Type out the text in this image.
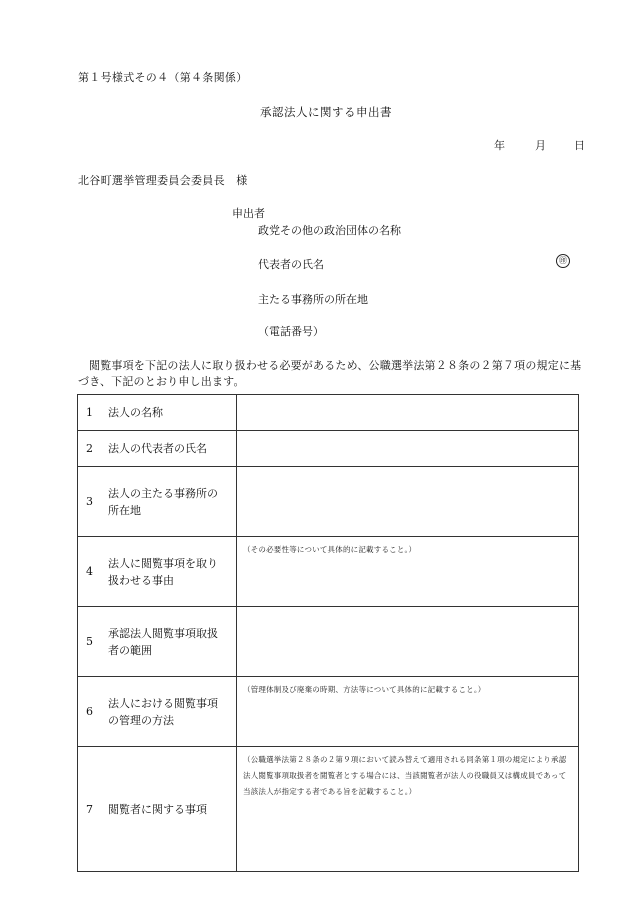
第１号様式その４（第４条関係）
承認法人に関する申出書
年	月	日
北谷町選挙管理委員会委員長　様
申出者
政党その他の政治団体の名称
代表者の氏名	㊞
主たる事務所の所在地
（電話番号）

閲覧事項を下記の法人に取り扱わせる必要があるため、公職選挙法第２８条の２第７項の規定に基づき、下記のとおり申し出ます。

1 法人の名称	

2 法人の代表者の氏名	

3
法人の主たる事務所の所在地	

4
法人に閲覧事項を取り扱わせる事由	（その必要性等について具体的に記載すること。）

5
承認法人閲覧事項取扱者の範囲	

6
法人における閲覧事項の管理の方法	（管理体制及び廃棄の時期、方法等について具体的に記載すること。）

7 閲覧者に関する事項	（公職選挙法第２８条の２第９項において読み替えて適用される同条第１項の規定により承認法人閲覧事項取扱者を閲覧者とする場合には、当該閲覧者が法人の役職員又は構成員であって当該法人が指定する者である旨を記載すること。）
